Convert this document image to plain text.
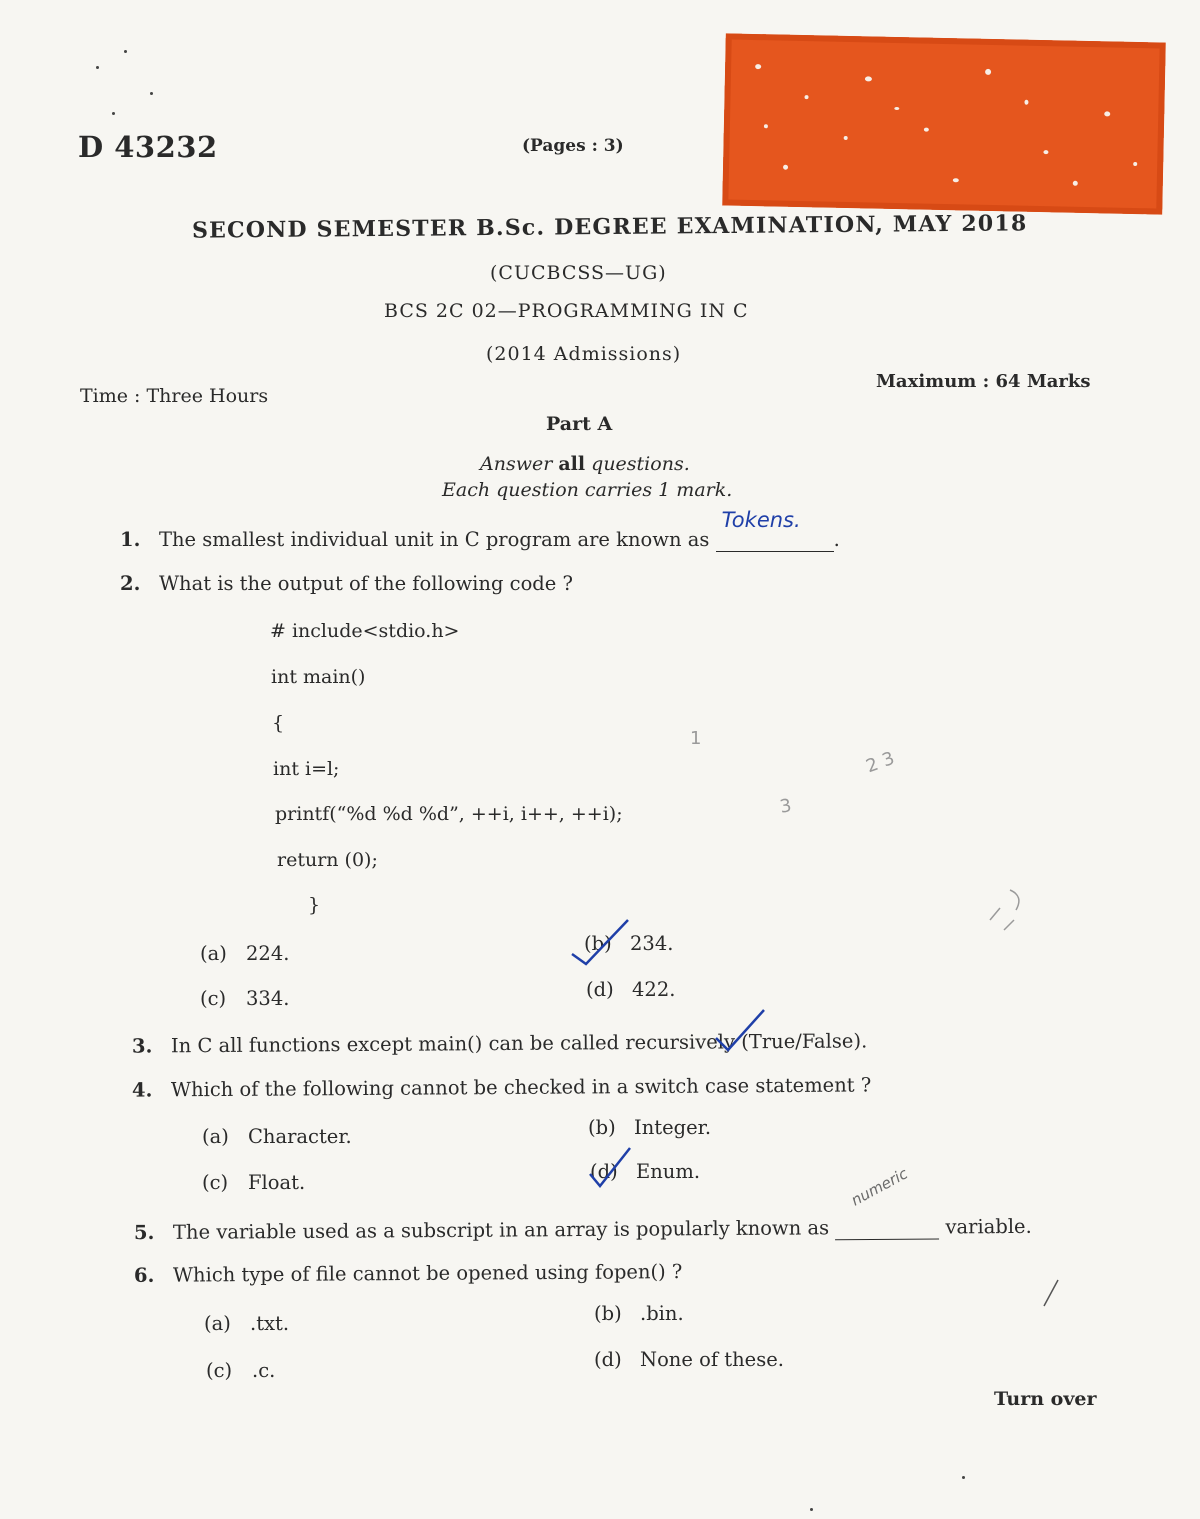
D 43232	(Pages : 3)
SECOND SEMESTER B.Sc. DEGREE EXAMINATION, MAY 2018
(CUCBCSS—UG)
BCS 2C 02—PROGRAMMING IN C
(2014 Admissions)
Time : Three Hours
Maximum : 64 Marks
Part A
Answer all questions.
Each question carries 1 mark.
1. The smallest individual unit in C program are known as
Tokens.
.
2. What is the output of the following code ?
# include<stdio.h>
int main()
{
int i=l;
printf(“%d %d %d”, ++i, i++, ++i);
return (0);
}
(a) 224.	(b) 234.
(c) 334.	(d) 422.
3. In C all functions except main() can be called recursively (True/False).
4. Which of the following cannot be checked in a switch case statement ?
(a) Character.	(b) Integer.
(c) Float.	(d) Enum.
5. The variable used as a subscript in an array is popularly known as
numeric
variable.
6. Which type of file cannot be opened using fopen() ?
(a) .txt.	(b) .bin.
(c) .c.	(d) None of these.
Turn over
2 3
3
1
